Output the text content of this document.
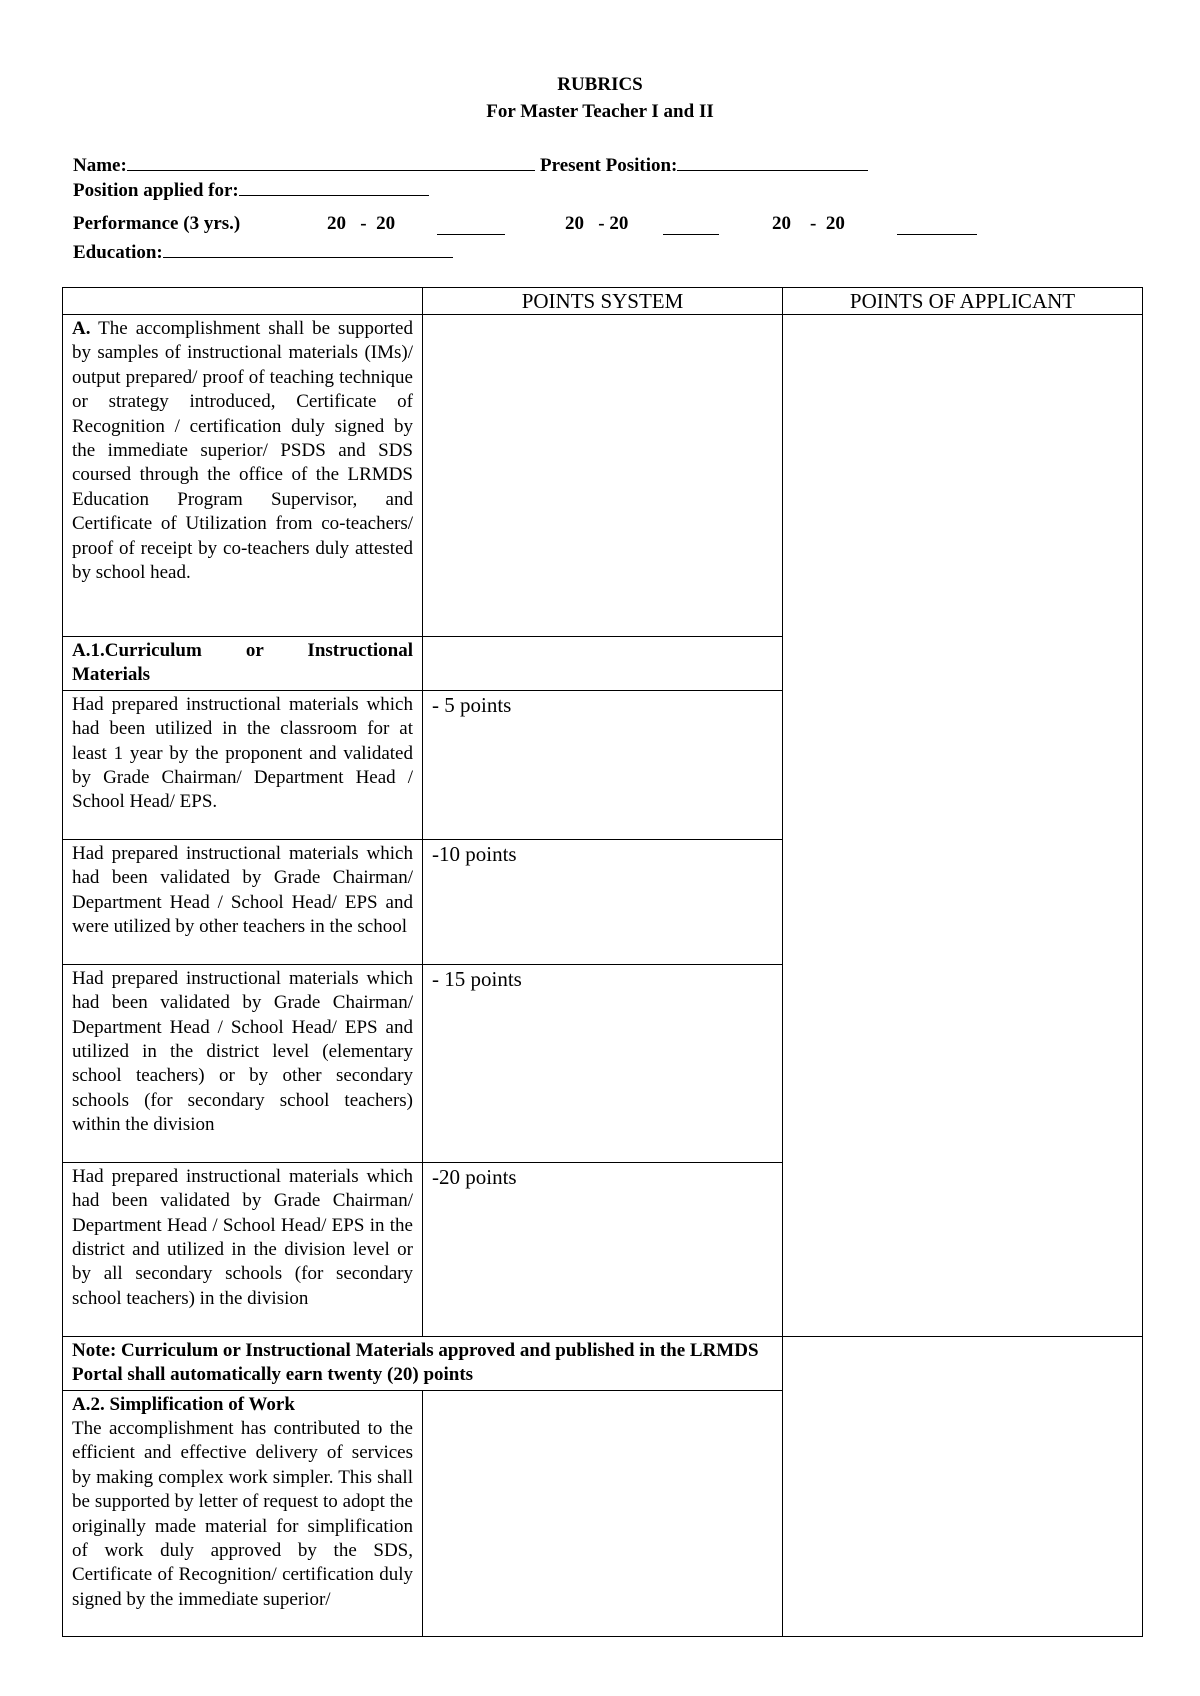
RUBRICS
For Master Teacher I and II
Name:	Present Position:
Position applied for:
Performance (3 yrs.)	20   -  20	20   - 20	20    -  20
Education:
	POINTS SYSTEM	POINTS OF APPLICANT
A. The accomplishment shall be supported by samples of instructional materials (IMs)/ output prepared/ proof of teaching technique or strategy introduced, Certificate of Recognition / certification duly signed by the immediate superior/ PSDS and SDS coursed through the office of the LRMDS Education Program Supervisor, and Certificate of Utilization from co-teachers/ proof of receipt by co-teachers duly attested by school head.		
A.1.Curriculum or Instructional Materials		
Had prepared instructional materials which had been utilized in the classroom for at least 1 year by the proponent and validated by Grade Chairman/ Department Head / School Head/ EPS.	- 5 points	
Had prepared instructional materials which had been validated by Grade Chairman/ Department Head / School Head/ EPS and were utilized by other teachers in the school	-10 points	
Had prepared instructional materials which had been validated by Grade Chairman/ Department Head / School Head/ EPS and utilized in the district level (elementary school teachers) or by other secondary schools (for secondary school teachers) within the division	- 15 points	
Had prepared instructional materials which had been validated by Grade Chairman/ Department Head / School Head/ EPS in the district and utilized in the division level or by all secondary schools (for secondary school teachers) in the division	-20 points	
Note: Curriculum or Instructional Materials approved and published in the LRMDS Portal shall automatically earn twenty (20) points		
A.2. Simplification of Work
The accomplishment has contributed to the efficient and effective delivery of services by making complex work simpler. This shall be supported by letter of request to adopt the originally made material for simplification of work duly approved by the SDS, Certificate of Recognition/ certification duly signed by the immediate superior/		
